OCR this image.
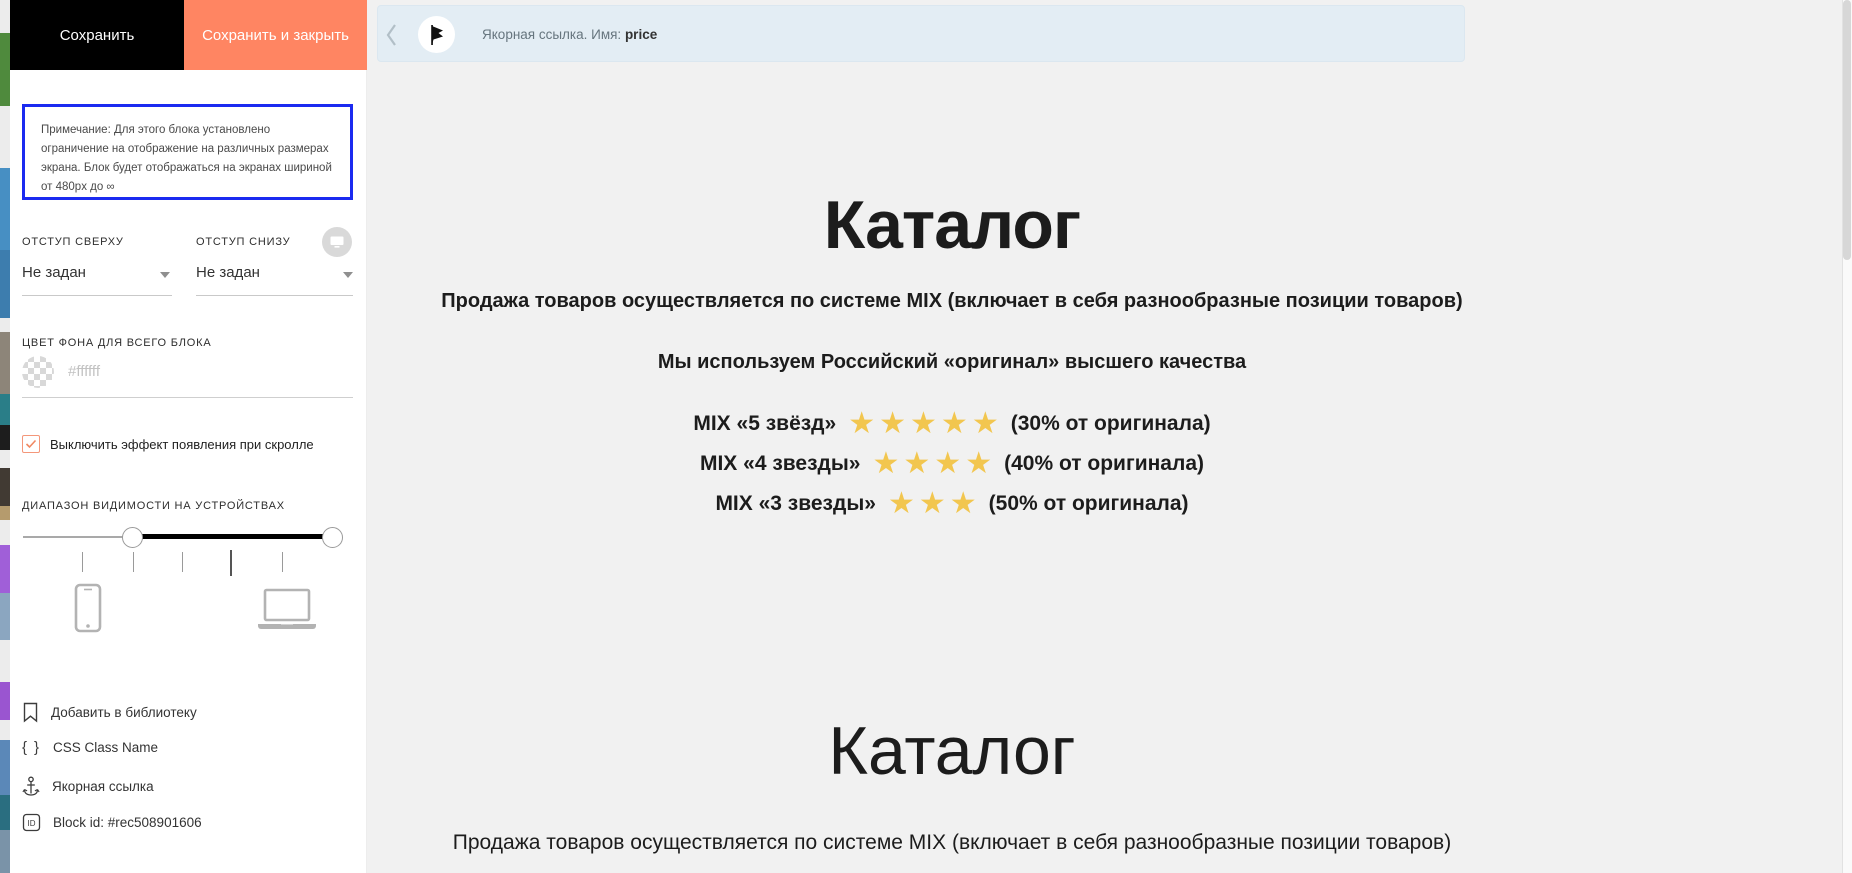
Сохранить	Сохранить и закрыть
Примечание: Для этого блока установлено ограничение на отображение на различных размерах экрана. Блок будет отображаться на экранах шириной от 480px до ∞
ОТСТУП СВЕРХУ	ОТСТУП СНИЗУ
Не задан	Не задан
ЦВЕТ ФОНА ДЛЯ ВСЕГО БЛОКА
#ffffff
Выключить эффект появления при скролле
ДИАПАЗОН ВИДИМОСТИ НА УСТРОЙСТВАХ
Добавить в библиотеку
{ } CSS Class Name
Якорная ссылка
ID Block id: #rec508901606
Якорная ссылка. Имя: price
Каталог
Продажа товаров осуществляется по системе MIX (включает в себя разнообразные позиции товаров)
Мы используем Российский «оригинал» высшего качества
MIX «5 звёзд» ★ ★ ★ ★ ★ (30% от оригинала)
MIX «4 звезды» ★ ★ ★ ★ (40% от оригинала)
MIX «3 звезды» ★ ★ ★ (50% от оригинала)
Каталог
Продажа товаров осуществляется по системе MIX (включает в себя разнообразные позиции товаров)
